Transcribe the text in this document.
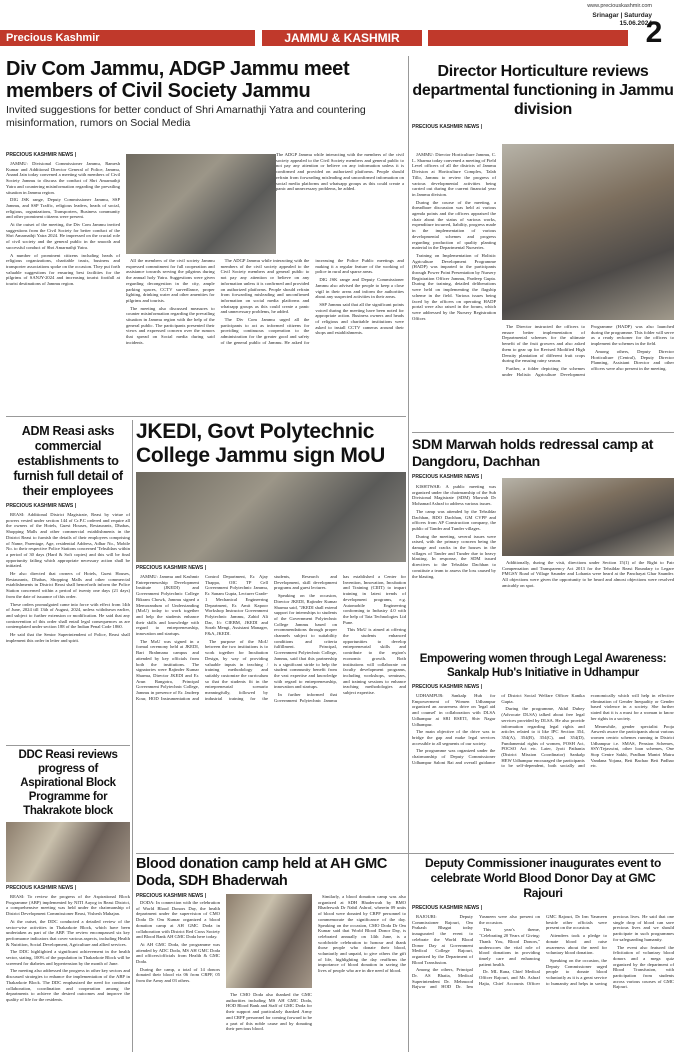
Precious Kashmir	JAMMU & KASHMIR
www.preciouskashmir.com
Srinagar | Saturday
15.06.2024
2
Div Com Jammu, ADGP Jammu meet members of Civil Society Jammu
Invited suggestions for better conduct of Shri Amarnathji Yatra and countering misinformation, rumors on Social Media
PRECIOUS KASHMIR NEWS |

JAMMU: Divisional Commissioner Jammu, Ramesh Kumar and Additional Director General of Police, Jammu, Anand Jain today convened a meeting with members of Civil Society Jammu to discuss the conduct of Shri Amarnathji Yatra and countering misinformation regarding the prevailing situation in Jammu region.

DIG JSK range, Deputy Commissioner Jammu, SSP Jammu, and SSP Traffic, religious leaders, heads of social, religious, organizations, Transporters, Business community and other prominent citizens were present.

At the outset of the meeting, the Div Com Jammu invited suggestions from the Civil Society for better conduct of the Shri Amarnathji Yatra 2024. He impressed on the crucial role of civil society and the general public in the smooth and successful conduct of Shri Amarnathji Yatra.

A number of prominent citizens including heads of religious organizations, charitable trusts, business and transporter associations spoke on the occasion. They put forth valuable suggestions for ensuring best facilities for the pilgrims of SANJY-2024 and increasing tourist footfall at tourist destinations of Jammu region.

All the members of the civil society Jammu expressed commitment for full cooperation and assistance towards serving the pilgrims during the annual holy Yatra. Suggestions were given regarding decongestion in the city, ample parking spaces, CCTV surveillance, proper lighting, drinking water and other amenities for pilgrims and tourists.

The meeting also discussed measures to counter misinformation regarding the prevailing situation in Jammu region with the help of the general public. The participants presented their views and expressed concern over the rumors that spread on Social media during said incidents.

The ADGP Jammu while interacting with the members of the civil society appealed to the Civil Society members and general public to not pay any attention or believe on any information unless it is confirmed and provided on authorized platforms. People should refrain from forwarding misleading and unconfirmed information on social media platforms and whatsapp groups as this could create a panic and unnecessary problems, he added.

The Div Com Jammu urged all the participants to act as informed citizens for providing continuous cooperation to the administration for the greater good and safety of the general public of Jammu. He asked for increasing the Police Public meetings and making it a regular feature of the working of police in rural and sparse areas.

DIG JSK range and Deputy Commissioner Jammu also advised the people to keep a close vigil in their areas and inform the authorities about any suspected activities in their areas.

SSP Jammu said that all the significant points voiced during the meeting have been noted for appropriate action. Business owners and heads of religious and charitable institutions were asked to install CCTV cameras around their shops and establishments.

The ADGP Jammu while interacting with the members of the civil society appealed to the Civil Society members and general public to not pay any attention or believe on any information unless it is confirmed and provided on authorized platforms. People should refrain from forwarding misleading and unconfirmed information on social media platforms and whatsapp groups as this could create a panic and unnecessary problems, he added.
Director Horticulture reviews departmental functioning in Jammu division
PRECIOUS KASHMIR NEWS |

JAMMU: Director Horticulture Jammu, C. L. Sharma today convened a meeting of Field Level officers of all the districts of Jammu Division at Horticulture Complex, Talab Tillo, Jammu to review the progress of various developmental activities being carried out during the current financial year in Jammu division.

During the course of the meeting, a threadbare discussion was held at various agenda points and the officers appraised the chair about the status of various works, expenditure incurred, liability, progress made in the implementation of various developmental schemes and progress regarding production of quality planting material in the Departmental Nurseries.

Training on Implementation of Holistic Agriculture Development Programme (HADP) was imparted to the participants through Power Point Presentation by Nursery Registration Officer Jammu, Pardeep Gupta. During the training, detailed deliberations were held on implementing the flagship scheme in the field. Various issues being faced by the officers on operating HADP portal were also raised in the forum, which were addressed by the Nursery Registration Officer.

The Director instructed the officers to ensure better implementation of Departmental schemes for the ultimate benefit of the fruit growers and also asked them to gear up for Revised Modified High Density plantation of different fruit crops during the ensuing rainy season.

Further, a folder depicting the schemes under Holistic Agriculture Development Programme (HADP) was also launched during the programme. This folder will serve as a ready reckoner for the officers to implement the schemes in the field.

Among others, Deputy Director Horticulture (Central), Deputy Director Planning, Assistant Director and other officers were also present in the meeting.

ADM Reasi asks commercial establishments to furnish full detail of their employees
PRECIOUS KASHMIR NEWS |

REASI: Additional District Magistrate, Reasi by virtue of powers vested under section 144 of Cr.P.C ordered and require all the owners of the Hotels, Guest Houses, Restaurants, Dhabas, Shopping Malls and other commercial establishments in the District Reasi to furnish the details of their employees comprising of Name, Parentage, Age, residential Address, Adhar No., Mobile No. to their respective Police Stations concerned 'Tehsildars within a period of 30 days (Hard & Soft copies) and this will be final opportunity failing which appropriate necessary action shall be initiated.

He also directed that owners of Hotels, Guest Houses, Restaurants, Dhabas, Shopping Malls and other commercial establishments in District Reasi shall henceforth inform the Police Station concerned within a period of twenty one days (21 days) from the date of issuance of this order.

These orders promulgated came into force with effect from 14th of June, 2024 till 13th of August, 2024, unless withdrawn earlier, and subject to further extension or modification. He said that any contravention of this order shall entail legal consequences as are contemplated under section 188 of the Indian Penal Code 1860.

He said that the Senior Superintendent of Police, Reasi shall implement this order in letter and spirit.

DDC Reasi reviews progress of Aspirational Block Programme for Thakrakote block
PRECIOUS KASHMIR NEWS |

REASI: To review the progress of the Aspirational Block Programme (ABP) implemented by NITI Aayog in Reasi District, a comprehensive meeting was held under the chairmanship of District Development Commissioner Reasi, Vishesh Mahajan.

At the outset, the DDC conducted a detailed review of the sector-wise activities in Thakarkote Block, which have been undertaken as part of the ABP. The review encompassed six key performance indicators that cover various aspects, including Health & Nutrition, Social Development, Agriculture and allied services.

The DDC highlighted a significant achievement in the health sector, stating, 100% of the population in Thakarkote Block will be screened for diabetes and hypertension by the month of June.

The meeting also addressed the progress in other key sectors and discussed strategies to enhance the implementation of the ABP in Thakarkote Block. The DDC emphasized the need for continued collaboration, coordination and cooperation among the departments to achieve the desired outcomes and improve the quality of life for the residents.

JKEDI, Govt Polytechnic College Jammu sign MoU
PRECIOUS KASHMIR NEWS |

JAMMU: Jammu and Kashmir Entrepreneurship Development Institute (JKEDI) and Government Polytechnic College Bikram Chowk, Jammu signed a Memorandum of Understanding (MoU) today to work together and help the students enhance their skills and knowledge with regard to entrepreneurship, innovation and startups.

The MoU was signed in a formal ceremony held at JKEDI, Bari Brahmana campus and attended by key officials from both the institutions. The signatories were Rajinder Kumar Sharma, Director JKEDI and Er. Arun Bangotra, Principal Government Polytechnic College, Jammu in presence of Er. Jasdeep Kour, HOD Instrumentation and Control Department, Er. Ajay Thappa, OIC TP Cell Government Polytechnic Jammu, Er. Sanam Gupta, Lecturer Grade-1 Mechanical Engineering Department, Er. Amit Kapoor Workshop Instructor Government Polytechnic Jammu, Zahid Ali Dar, I/c CIEBM, JKEDI and Sorab Mengi, Assistant Manager, F&A, JKEDI.

The purpose of the MoU between the two institutions is to work together for Incubation Design, by way of providing valuable inputs in teaching / training methodology and suitably customize the curriculum so that the students fit in the entrepreneurial scenario meaningfully, followed by industrial training for the students, Research and Development, skill development programs and guest lectures.

Speaking on the occasion, Director JKEDI, Rajinder Kumar Sharma said, "JKEDI shall extend support for internships to students of the Government Polytechnic College Jammu based on recommendations through proper channels subject to suitability conditions and criteria fulfillment. Principal, Government Polytechnic College, Jammu, said that this partnership is a significant stride to help the student community benefit from the vast expertise and knowledge with regard to entrepreneurship, innovation and startups.

In further informed that Government Polytechnic Jammu has established a Center for Invention, Innovation, Incubation and Training (CIIIT) to impart training in latest trends of development programs, e.g. Automobile Engineering conforming to Industry 4.0 with the help of Tata Technologies Ltd Pune.

This MoU is aimed at offering the students enhanced opportunities to develop entrepreneurial skills and contribute to the region's economic growth. Both institutions will collaborate on faculty development programs, including workshops, seminars, and training sessions to enhance teaching methodologies and subject expertise.

SDM Marwah holds redressal camp at Dangdoru, Dachhan
PRECIOUS KASHMIR NEWS |

KISHTWAR: A public meeting was organized under the chairmanship of the Sub Divisional Magistrate (SDM) Marwah Dr Mohamad Ashraf to address various issues.

The camp was attended by the Tehsildar Dachhan, BDO Dachhan, GM CVPP and officers from AP Construction company, the public of Tander and Tunder villages.

During the meeting, several issues were raised, with the primary concern being the damage and cracks in the houses in the villages of Tander and Tunder due to heavy blasting. In response, the SDM issued directives to the Tehsildar Dachhan to constitute a team to assess the loss caused by the blasting.

Additionally, during the visit, directions under Section 15(1) of the Right to Fair Compensation and Transparency Act 2013 for the Tehsildar Reasi Boundary to Legare PMGSY Road of Village Saunder and Lohanta were heard at the Panchayat Ghar Saunder. All objections were given the opportunity to be heard and almost objections were resolved amicably on spot.

Empowering women through Legal Awareness: Sankalp Hub's Initiative in Udhampur
PRECIOUS KASHMIR NEWS |

UDHAMPUR: Sankalp Hub for Empowerment of Women Udhampur organized an awareness drive on 'legal aid and counsel' in collaboration with DLSA Udhampur at SBI RSETI, Shiv Nagar Udhampur.

The main objective of the drive was to bridge the gap and make legal services accessible to all segments of our society.

The programme was organized under the chairmanship of Deputy Commissioner Udhampur Saloni Rai and overall guidance of District Social Welfare Officer Kanika Gupta.

During the programme, Akhil Dubey (Advocate DLSA) talked about free legal services provided by DLSA. He also provide information regarding legal rights and articles related to it like IPC Section 354, 354(A), 354(B), 354(C), and 354(D), Fundamental rights of women, POSH Act, POCSO Act etc. Later, Jyoti Pathania (District Mission Coordinator) Sankalp HEW Udhampur encouraged the participants to be self-dependent, both socially and economically which will help in effective elimination of Gender Inequality or Gender based violence in a society. She further stated that it is a must for a woman to know her rights in a society.

Meanwhile, gender specialist Pooja Anwesh aware the participants about various women centric schemes running in District Udhampur i.e. SMAS, Pension Schemes, SSY/Tejaswini, other loan schemes, One Stop Centre Sakhi, Pradhan Mantri Matru Vandana Yojana, Beti Bachao Beti Padhao etc.

Blood donation camp held at AH GMC Doda, SDH Bhaderwah
PRECIOUS KASHMIR NEWS |

DODA: In connection with the celebration of World Blood Donors Day, the health department under the supervision of CMO Doda Dr Om Kumar organized a blood donation camp at AH GMC Doda in collaboration with District Red Cross Society and Blood Bank AH GMC Doda here today.

At AH GMC Doda, the programme was attended by ADC Doda, MS AH GMC Doda and officers/officials from Health & GMC Doda.

During the camp, a total of 14 donors donated their blood viz 06 from CRPF, 05 from the Army and 03 others.

Similarly, a blood donation camp was also organized at SDH Bhaderwah by BMO Bhaderwah Dr Nabil Ashraf, wherein 09 units of blood were donated by CRPF personnel to commemorate the significance of the day. Speaking on the occasion, CMO Doda Dr Om Kumar said that World Blood Donor Day, is celebrated annually on 14th June, is a worldwide celebration to honour and thank those people who donate their blood, voluntarily and unpaid, to give others the gift of life, highlighting the day reaffirms the importance of blood donation in saving the lives of people who are in dire need of blood.

The CMO Doda also thanked the GMC authorities including MS AH GMC Doda, HOD Blood Bank and Staff of GMC Doda for their support and particularly thanked Army and CRPF personnel for coming forward to be a part of this noble cause and by donating their precious blood.

Deputy Commissioner inaugurates event to celebrate World Blood Donor Day at GMC Rajouri
PRECIOUS KASHMIR NEWS |

RAJOURI: Deputy Commissioner Rajouri, Om Prakash Bhagat today inaugurated the event to celebrate the World Blood Donor Day at Government Medical College Rajouri, organized by the Department of Blood Transfusion.

Among the others, Principal Dr. AS Bhatia, Medical Superintendent Dr. Mehmood Bajwar and HOD Dr. Irm Yasmeen were also present on the occasion.

This year's theme, "Celebrating 20 Years of Giving: Thank You, Blood Donors," underscores the vital role of blood donations in providing timely care and enhancing patient health.

Dr. ML Rana, Chief Medical Officer Rajouri, and Mr. Ashraf Hajia, Chief Accounts Officer GMC Rajouri, Dr Irm Yasmeen beside other officials were present on the occasion.

Attendees took a pledge to donate blood and raise awareness about the need for voluntary blood donation.

Speaking on the occasion, the Deputy Commissioner urged people to donate blood voluntarily as it is a great service to humanity and helps in saving precious lives. He said that one single drop of blood can save precious lives and we should participate in such programmes for safeguarding humanity.

The event also featured the felicitation of voluntary blood donors and a mega quiz organized by the department of Blood Transfusion, with participation from students across various courses of GMC Rajouri.
